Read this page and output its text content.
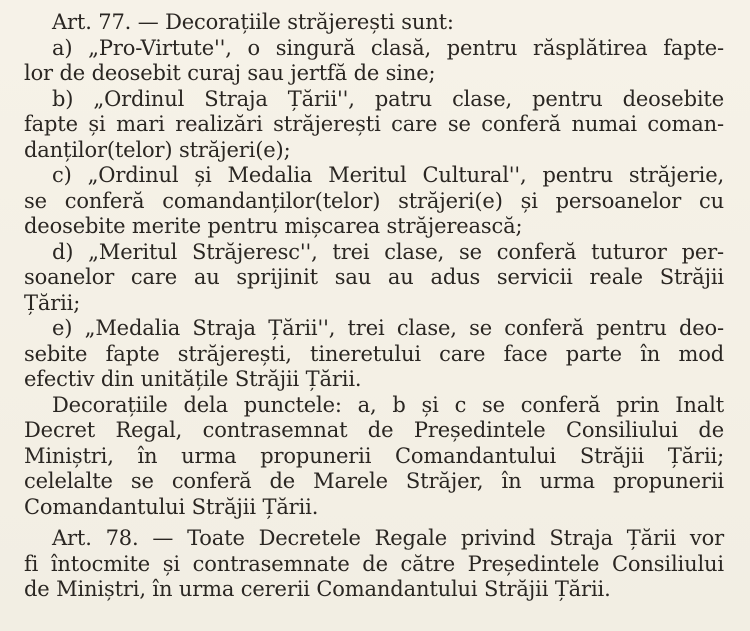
Art. 77. — Decorațiile străjerești sunt:
a) „Pro-Virtute'', o singură clasă, pentru răsplătirea fapte-
lor de deosebit curaj sau jertfă de sine;
b) „Ordinul Straja Țării'', patru clase, pentru deosebite
fapte și mari realizări străjerești care se conferă numai coman-
danților(telor) străjeri(e);
c) „Ordinul și Medalia Meritul Cultural'', pentru străjerie,
se conferă comandanților(telor) străjeri(e) și persoanelor cu
deosebite merite pentru mișcarea străjerească;
d) „Meritul Străjeresc'', trei clase, se conferă tuturor per-
soanelor care au sprijinit sau au adus servicii reale Străjii
Țării;
e) „Medalia Straja Țării'', trei clase, se conferă pentru deo-
sebite fapte străjerești, tineretului care face parte în mod
efectiv din unitățile Străjii Țării.
Decorațiile dela punctele: a, b și c se conferă prin Inalt
Decret Regal, contrasemnat de Președintele Consiliului de
Miniștri, în urma propunerii Comandantului Străjii Țării;
celelalte se conferă de Marele Străjer, în urma propunerii
Comandantului Străjii Țării.
Art. 78. — Toate Decretele Regale privind Straja Țării vor
fi întocmite și contrasemnate de către Președintele Consiliului
de Miniștri, în urma cererii Comandantului Străjii Țării.
